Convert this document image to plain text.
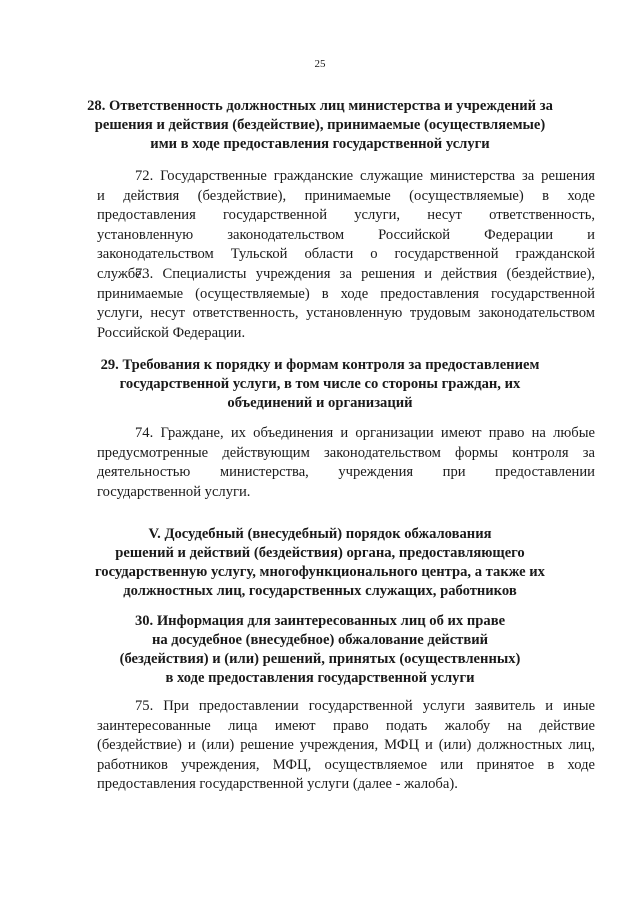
25
28. Ответственность должностных лиц министерства и учреждений за
решения и действия (бездействие), принимаемые (осуществляемые)
ими в ходе предоставления государственной услуги
72. Государственные гражданские служащие министерства за решения
и действия (бездействие), принимаемые (осуществляемые) в ходе
предоставления государственной услуги, несут ответственность,
установленную законодательством Российской Федерации и
законодательством Тульской области о государственной гражданской
службе.
73. Специалисты учреждения за решения и действия (бездействие),
принимаемые (осуществляемые) в ходе предоставления государственной
услуги, несут ответственность, установленную трудовым законодательством
Российской Федерации.
29. Требования к порядку и формам контроля за предоставлением
государственной услуги, в том числе со стороны граждан, их
объединений и организаций
74. Граждане, их объединения и организации имеют право на любые
предусмотренные действующим законодательством формы контроля за
деятельностью министерства, учреждения при предоставлении
государственной услуги.
V. Досудебный (внесудебный) порядок обжалования
решений и действий (бездействия) органа, предоставляющего
государственную услугу, многофункционального центра, а также их
должностных лиц, государственных служащих, работников
30. Информация для заинтересованных лиц об их праве
на досудебное (внесудебное) обжалование действий
(бездействия) и (или) решений, принятых (осуществленных)
в ходе предоставления государственной услуги
75. При предоставлении государственной услуги заявитель и иные
заинтересованные лица имеют право подать жалобу на действие
(бездействие) и (или) решение учреждения, МФЦ и (или) должностных лиц,
работников учреждения, МФЦ, осуществляемое или принятое в ходе
предоставления государственной услуги (далее - жалоба).
